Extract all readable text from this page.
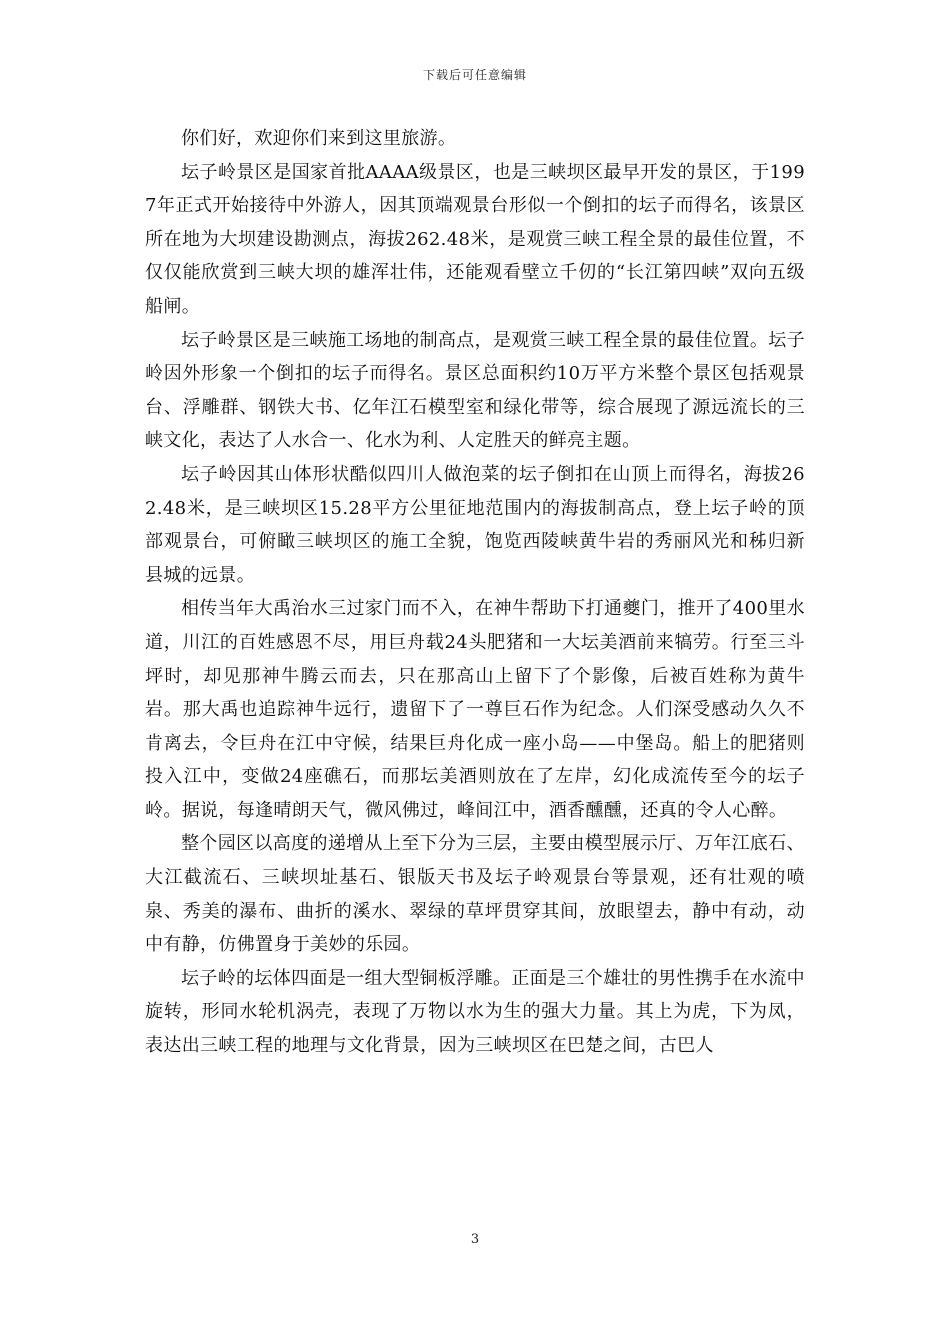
下载后可任意编辑

你们好，欢迎你们来到这里旅游。

坛子岭景区是国家首批AAAA级景区，也是三峡坝区最早开发的景区，于1997年正式开始接待中外游人，因其顶端观景台形似一个倒扣的坛子而得名，该景区所在地为大坝建设勘测点，海拔262.48米，是观赏三峡工程全景的最佳位置，不仅仅能欣赏到三峡大坝的雄浑壮伟，还能观看壁立千仞的“长江第四峡”双向五级船闸。

坛子岭景区是三峡施工场地的制高点，是观赏三峡工程全景的最佳位置。坛子岭因外形象一个倒扣的坛子而得名。景区总面积约10万平方米整个景区包括观景台、浮雕群、钢铁大书、亿年江石模型室和绿化带等，综合展现了源远流长的三峡文化，表达了人水合一、化水为利、人定胜天的鲜亮主题。

坛子岭因其山体形状酷似四川人做泡菜的坛子倒扣在山顶上而得名，海拔262.48米，是三峡坝区15.28平方公里征地范围内的海拔制高点，登上坛子岭的顶部观景台，可俯瞰三峡坝区的施工全貌，饱览西陵峡黄牛岩的秀丽风光和秭归新县城的远景。

相传当年大禹治水三过家门而不入，在神牛帮助下打通夔门，推开了400里水道，川江的百姓感恩不尽，用巨舟载24头肥猪和一大坛美酒前来犒劳。行至三斗坪时，却见那神牛腾云而去，只在那高山上留下了个影像，后被百姓称为黄牛岩。那大禹也追踪神牛远行，遗留下了一尊巨石作为纪念。人们深受感动久久不肯离去，令巨舟在江中守候，结果巨舟化成一座小岛——中堡岛。船上的肥猪则投入江中，变做24座礁石，而那坛美酒则放在了左岸，幻化成流传至今的坛子岭。据说，每逢晴朗天气，微风佛过，峰间江中，酒香醺醺，还真的令人心醉。

整个园区以高度的递增从上至下分为三层，主要由模型展示厅、万年江底石、大江截流石、三峡坝址基石、银版天书及坛子岭观景台等景观，还有壮观的喷泉、秀美的瀑布、曲折的溪水、翠绿的草坪贯穿其间，放眼望去，静中有动，动中有静，仿佛置身于美妙的乐园。

坛子岭的坛体四面是一组大型铜板浮雕。正面是三个雄壮的男性携手在水流中旋转，形同水轮机涡壳，表现了万物以水为生的强大力量。其上为虎，下为凤，表达出三峡工程的地理与文化背景，因为三峡坝区在巴楚之间，古巴人

3
